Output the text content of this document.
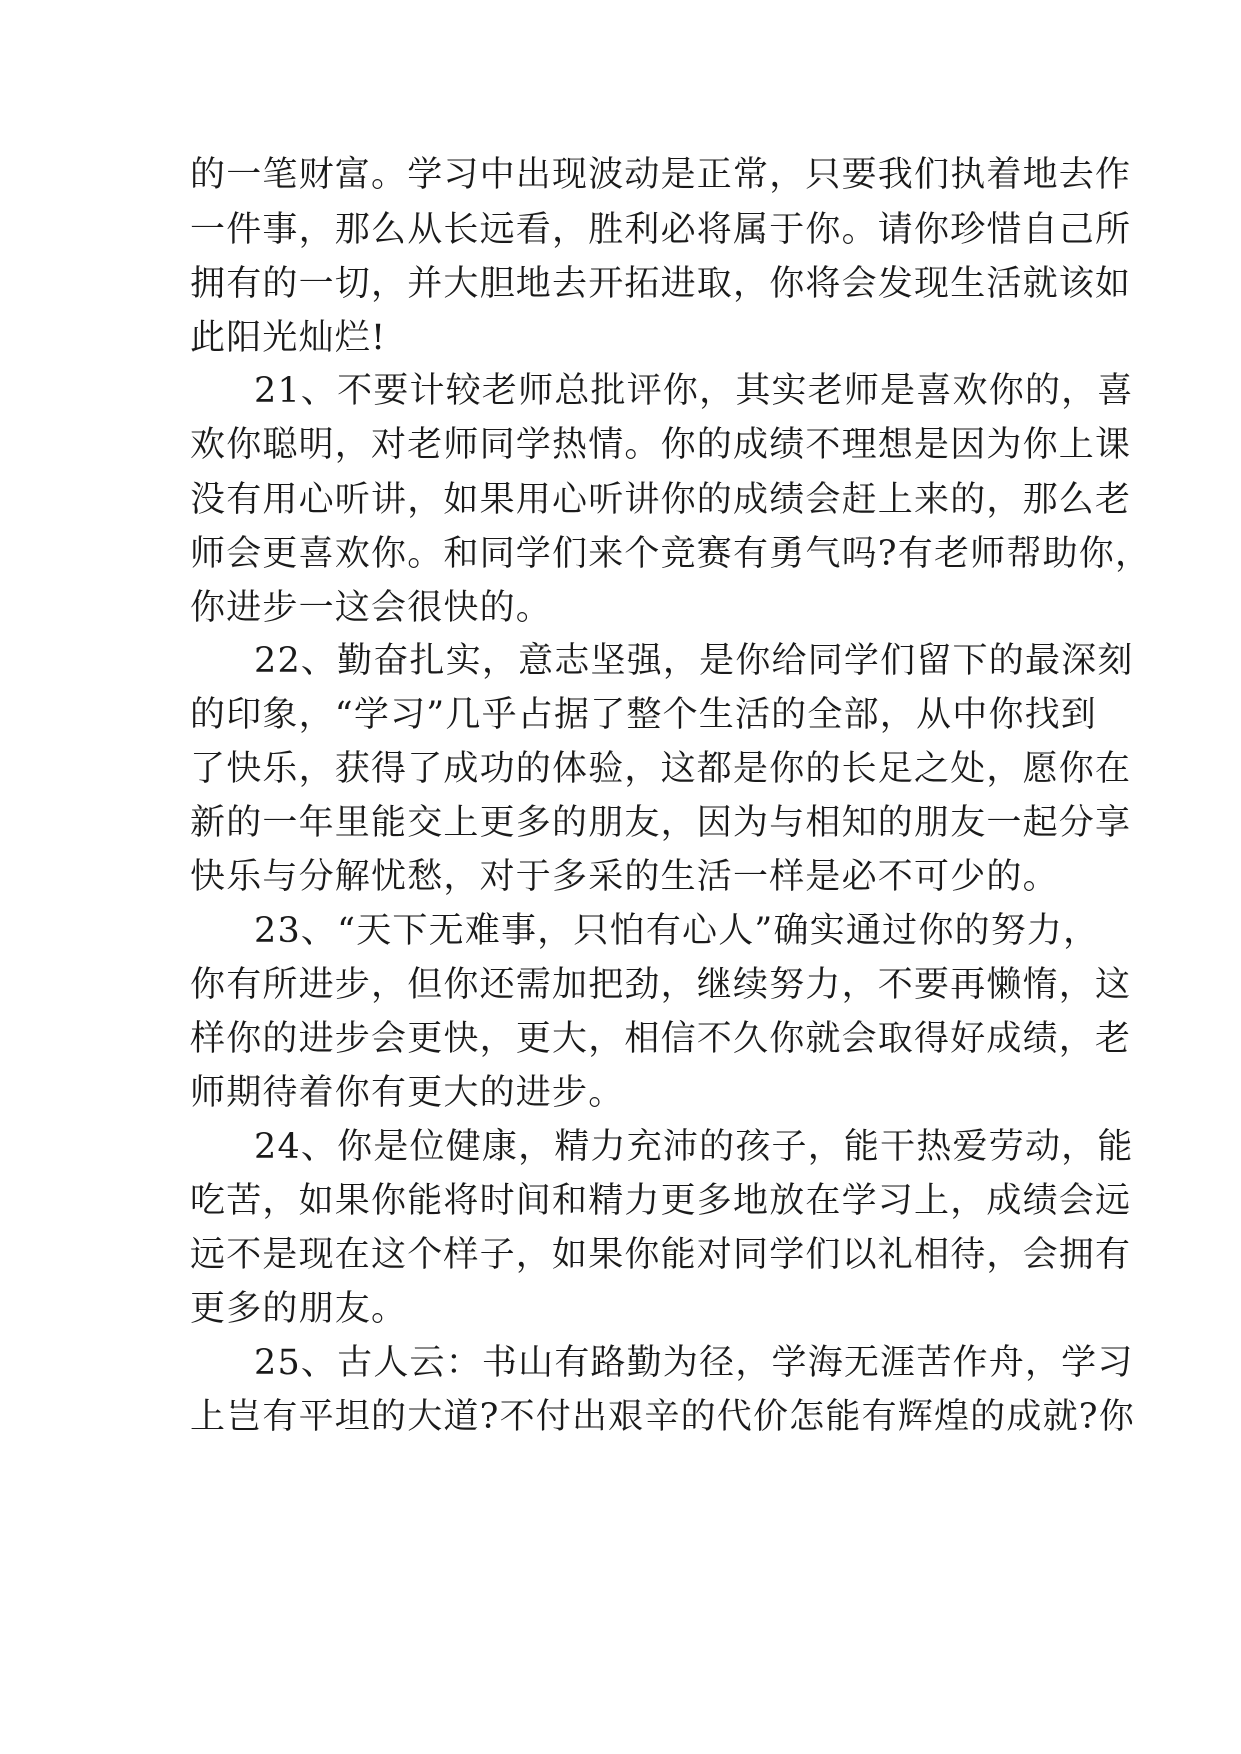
的一笔财富。学习中出现波动是正常，只要我们执着地去作
一件事，那么从长远看，胜利必将属于你。请你珍惜自己所
拥有的一切，并大胆地去开拓进取，你将会发现生活就该如
此阳光灿烂!
21、不要计较老师总批评你，其实老师是喜欢你的，喜
欢你聪明，对老师同学热情。你的成绩不理想是因为你上课
没有用心听讲，如果用心听讲你的成绩会赶上来的，那么老
师会更喜欢你。和同学们来个竞赛有勇气吗?有老师帮助你，
你进步一这会很快的。
22、勤奋扎实，意志坚强，是你给同学们留下的最深刻
的印象，“学习”几乎占据了整个生活的全部，从中你找到
了快乐，获得了成功的体验，这都是你的长足之处，愿你在
新的一年里能交上更多的朋友，因为与相知的朋友一起分享
快乐与分解忧愁，对于多采的生活一样是必不可少的。
23、“天下无难事，只怕有心人”确实通过你的努力，
你有所进步，但你还需加把劲，继续努力，不要再懒惰，这
样你的进步会更快，更大，相信不久你就会取得好成绩，老
师期待着你有更大的进步。
24、你是位健康，精力充沛的孩子，能干热爱劳动，能
吃苦，如果你能将时间和精力更多地放在学习上，成绩会远
远不是现在这个样子，如果你能对同学们以礼相待，会拥有
更多的朋友。
25、古人云：书山有路勤为径，学海无涯苦作舟，学习
上岂有平坦的大道?不付出艰辛的代价怎能有辉煌的成就?你
